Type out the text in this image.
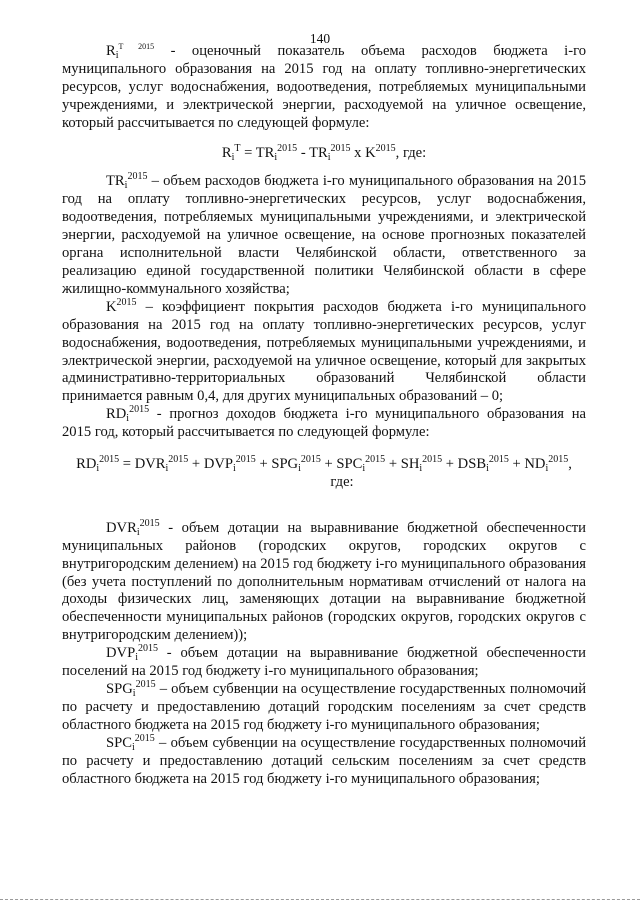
140

$R_i^{T 2015}$ - оценочный показатель объема расходов бюджета i-го муниципального образования на 2015 год на оплату топливно-энергетических ресурсов, услуг водоснабжения, водоотведения, потребляемых муниципальными учреждениями, и электрической энергии, расходуемой на уличное освещение, который рассчитывается по следующей формуле:

$R_i^T = TR_i^{2015} - TR_i^{2015}$ x $K^{2015}$, где:

$TR_i^{2015}$ – объем расходов бюджета i-го муниципального образования на 2015 год на оплату топливно-энергетических ресурсов, услуг водоснабжения, водоотведения, потребляемых муниципальными учреждениями, и электрической энергии, расходуемой на уличное освещение, на основе прогнозных показателей органа исполнительной власти Челябинской области, ответственного за реализацию единой государственной политики Челябинской области в сфере жилищно-коммунального хозяйства;

$K^{2015}$ – коэффициент покрытия расходов бюджета i-го муниципального образования на 2015 год на оплату топливно-энергетических ресурсов, услуг водоснабжения, водоотведения, потребляемых муниципальными учреждениями, и электрической энергии, расходуемой на уличное освещение, который для закрытых административно-территориальных образований Челябинской области принимается равным 0,4, для других муниципальных образований – 0;

$RD_i^{2015}$ - прогноз доходов бюджета i-го муниципального образования на 2015 год, который рассчитывается по следующей формуле:

$RD_i^{2015} = DVR_i^{2015} + DVP_i^{2015} + SPG_i^{2015} + SPC_i^{2015} + SH_i^{2015} + DSB_i^{2015} + ND_i^{2015}$,
где:

$DVR_i^{2015}$ - объем дотации на выравнивание бюджетной обеспеченности муниципальных районов (городских округов, городских округов с внутригородским делением) на 2015 год бюджету i-го муниципального образования (без учета поступлений по дополнительным нормативам отчислений от налога на доходы физических лиц, заменяющих дотации на выравнивание бюджетной обеспеченности муниципальных районов (городских округов, городских округов с внутригородским делением));

$DVP_i^{2015}$ - объем дотации на выравнивание бюджетной обеспеченности поселений на 2015 год бюджету i-го муниципального образования;

$SPG_i^{2015}$ – объем субвенции на осуществление государственных полномочий по расчету и предоставлению дотаций городским поселениям за счет средств областного бюджета на 2015 год бюджету i-го муниципального образования;

$SPC_i^{2015}$ – объем субвенции на осуществление государственных полномочий по расчету и предоставлению дотаций сельским поселениям за счет средств областного бюджета на 2015 год бюджету i-го муниципального образования;
